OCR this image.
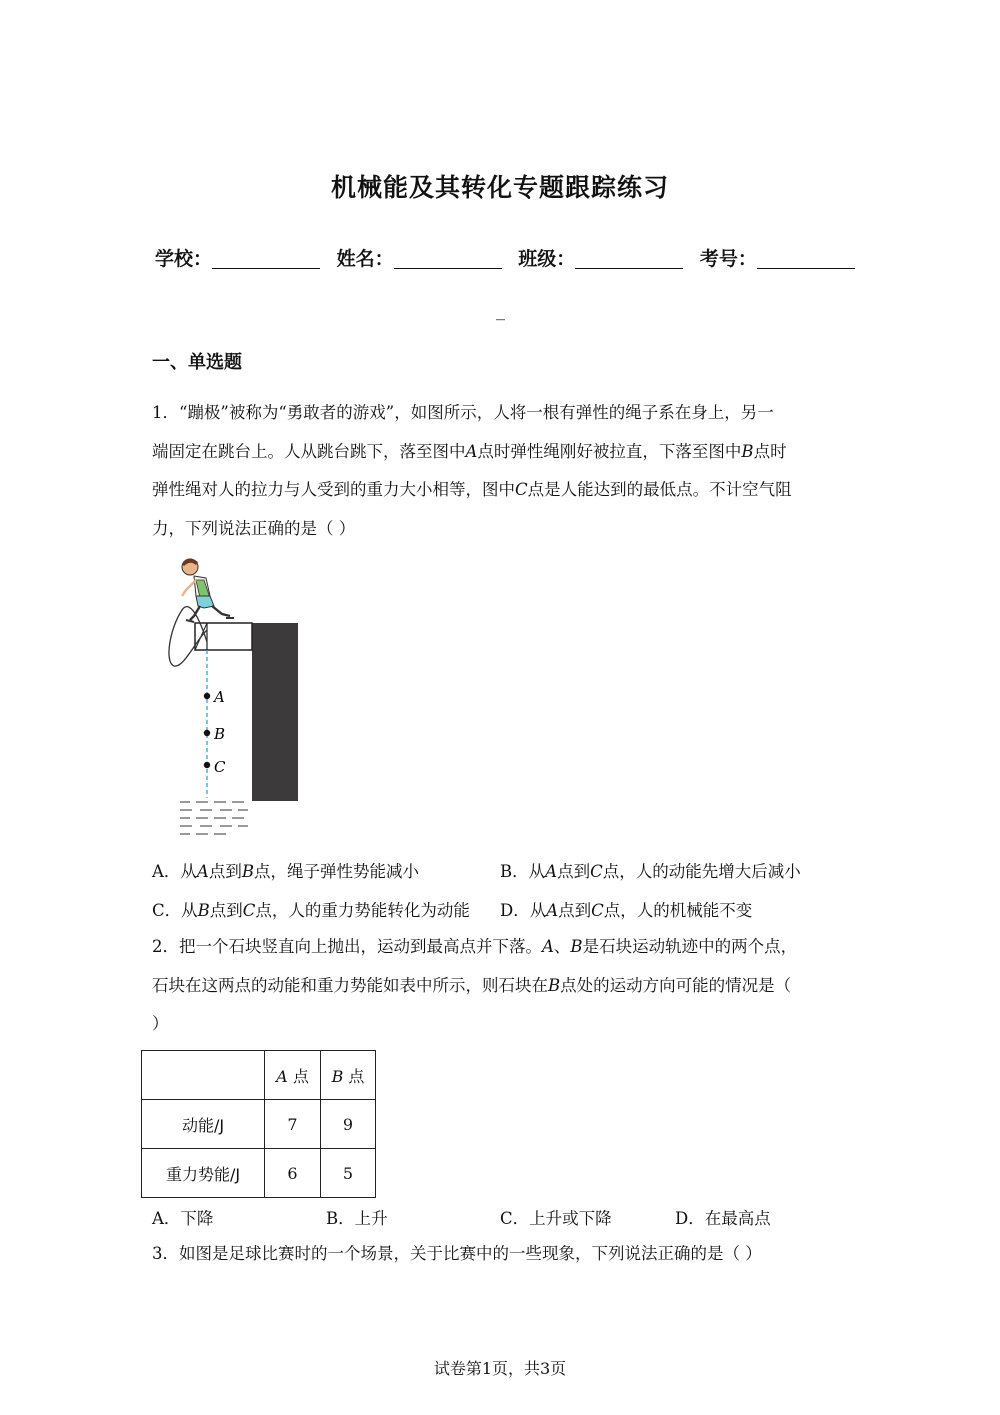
机械能及其转化专题跟踪练习
学校：	姓名：	班级：	考号：
_
一、单选题
1．“蹦极”被称为“勇敢者的游戏”，如图所示，人将一根有弹性的绳子系在身上，另一
端固定在跳台上。人从跳台跳下，落至图中A点时弹性绳刚好被拉直，下落至图中B点时
弹性绳对人的拉力与人受到的重力大小相等，图中C点是人能达到的最低点。不计空气阻
力，下列说法正确的是（ ）
A
B
C
A．从A点到B点，绳子弹性势能减小	B．从A点到C点，人的动能先增大后减小
C．从B点到C点，人的重力势能转化为动能 D．从A点到C点，人的机械能不变
2．把一个石块竖直向上抛出，运动到最高点并下落。A、B是石块运动轨迹中的两个点，
石块在这两点的动能和重力势能如表中所示，则石块在B点处的运动方向可能的情况是（
）
	A 点	B 点
动能/J	7	9
重力势能/J	6	5
A．下降	B．上升	C．上升或下降	D．在最高点
3．如图是足球比赛时的一个场景，关于比赛中的一些现象，下列说法正确的是（ ）
试卷第1页，共3页
